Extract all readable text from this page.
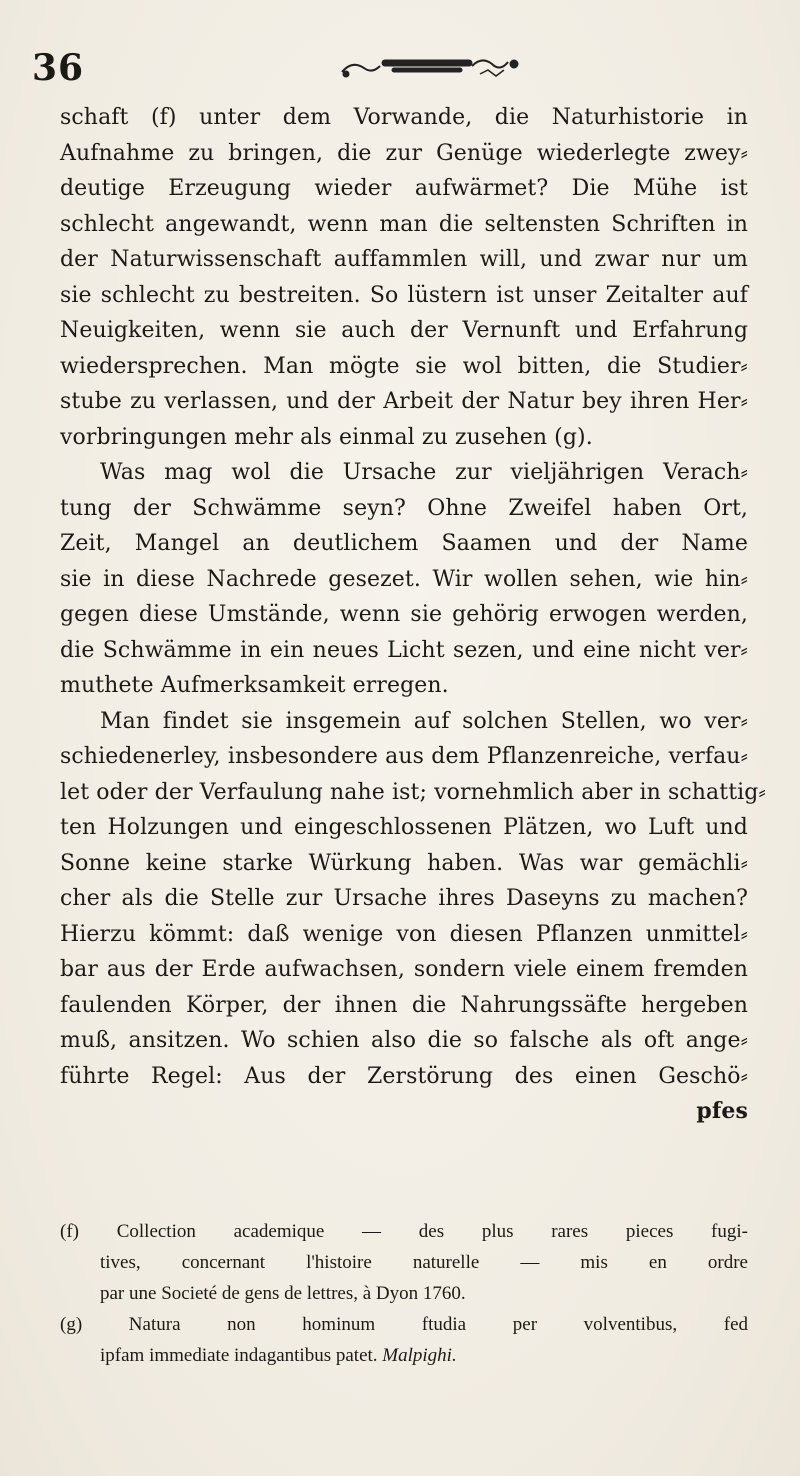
36
schaft (f) unter dem Vorwande, die Naturhistorie in
Aufnahme zu bringen, die zur Genüge wiederlegte zwey⸗
deutige Erzeugung wieder aufwärmet? Die Mühe ist
schlecht angewandt, wenn man die seltensten Schriften in
der Naturwissenschaft auffammlen will, und zwar nur um
sie schlecht zu bestreiten. So lüstern ist unser Zeitalter auf
Neuigkeiten, wenn sie auch der Vernunft und Erfahrung
wiedersprechen. Man mögte sie wol bitten, die Studier⸗
stube zu verlassen, und der Arbeit der Natur bey ihren Her⸗
vorbringungen mehr als einmal zu zusehen (g).
Was mag wol die Ursache zur vieljährigen Verach⸗
tung der Schwämme seyn? Ohne Zweifel haben Ort,
Zeit, Mangel an deutlichem Saamen und der Name
sie in diese Nachrede gesezet. Wir wollen sehen, wie hin⸗
gegen diese Umstände, wenn sie gehörig erwogen werden,
die Schwämme in ein neues Licht sezen, und eine nicht ver⸗
muthete Aufmerksamkeit erregen.
Man findet sie insgemein auf solchen Stellen, wo ver⸗
schiedenerley, insbesondere aus dem Pflanzenreiche, verfau⸗
let oder der Verfaulung nahe ist; vornehmlich aber in schattig⸗
ten Holzungen und eingeschlossenen Plätzen, wo Luft und
Sonne keine starke Würkung haben. Was war gemächli⸗
cher als die Stelle zur Ursache ihres Daseyns zu machen?
Hierzu kömmt: daß wenige von diesen Pflanzen unmittel⸗
bar aus der Erde aufwachsen, sondern viele einem fremden
faulenden Körper, der ihnen die Nahrungssäfte hergeben
muß, ansitzen. Wo schien also die so falsche als oft ange⸗
führte Regel: Aus der Zerstörung des einen Geschö⸗
pfes
(f) Collection academique — des plus rares pieces fugi-
tives, concernant l'histoire naturelle — mis en ordre
par une Societé de gens de lettres, à Dyon 1760.
(g) Natura non hominum ftudia per volventibus, fed
ipfam immediate indagantibus patet. Malpighi.
